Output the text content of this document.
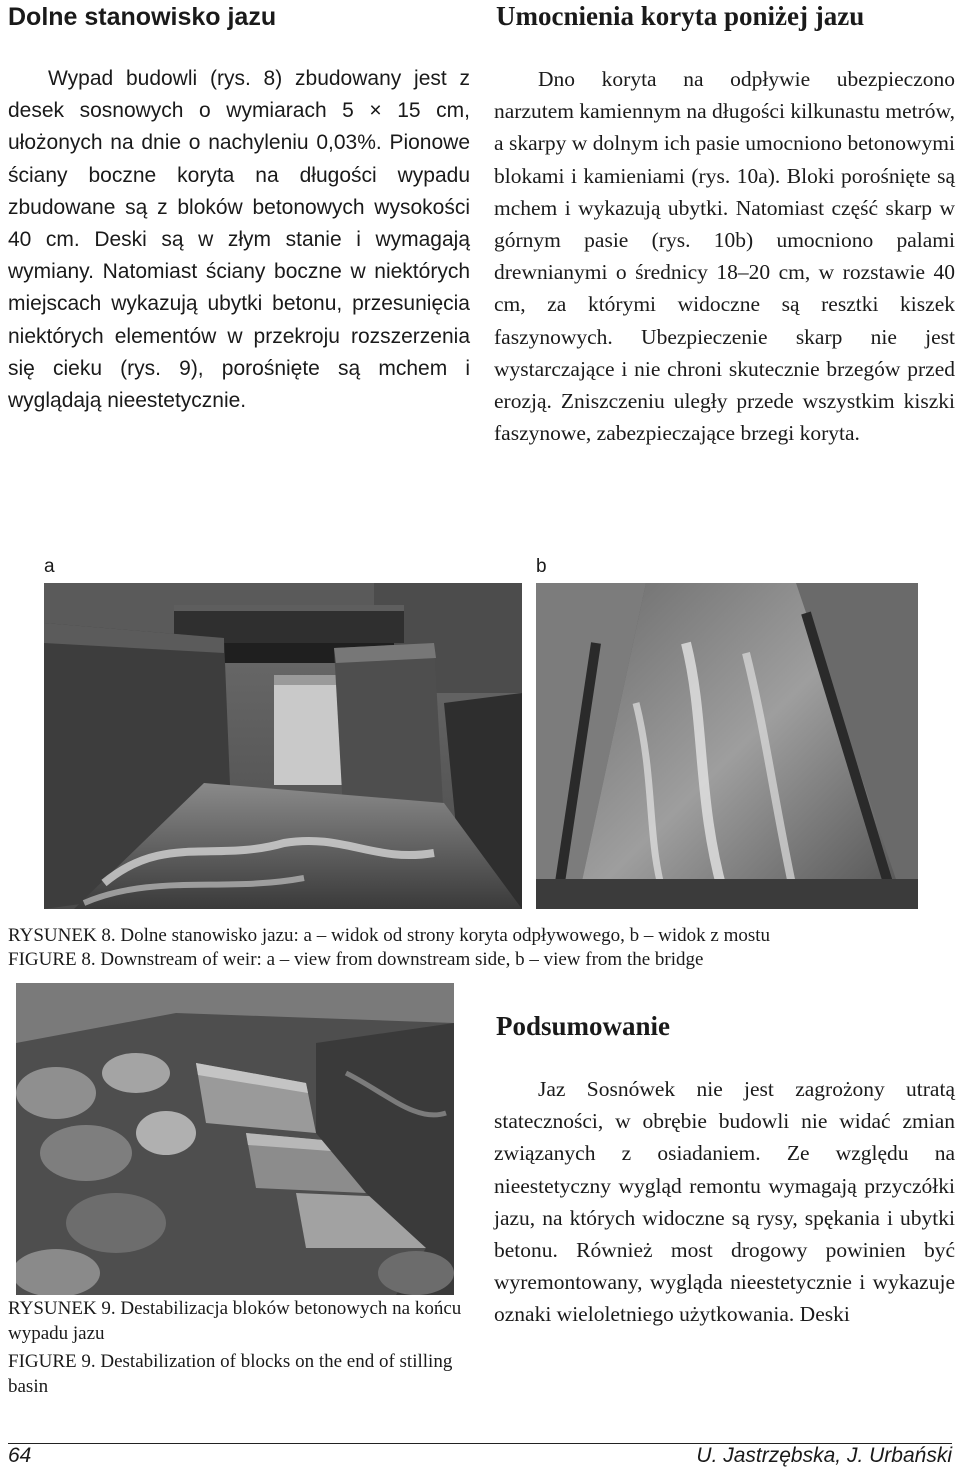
Dolne stanowisko jazu

Wypad budowli (rys. 8) zbudowany jest z desek sosnowych o wymiarach 5 × 15 cm, ułożonych na dnie o nachyleniu 0,03%. Pionowe ściany boczne koryta na długości wypadu zbudowane są z bloków betonowych wysokości 40 cm. Deski są w złym stanie i wymagają wymiany. Natomiast ściany boczne w niektórych miejscach wykazują ubytki betonu, przesunięcia niektórych elementów w przekroju rozszerzenia się cieku (rys. 9), porośnięte są mchem i wyglądają nieestetycznie.

Umocnienia koryta poniżej jazu

Dno koryta na odpływie ubezpieczono narzutem kamiennym na długości kilkunastu metrów, a skarpy w dolnym ich pasie umocniono betonowymi blokami i kamieniami (rys. 10a). Bloki porośnięte są mchem i wykazują ubytki. Natomiast część skarp w górnym pasie (rys. 10b) umocniono palami drewnianymi o średnicy 18–20 cm, w rozstawie 40 cm, za którymi widoczne są resztki kiszek faszynowych. Ubezpieczenie skarp nie jest wystarczające i nie chroni skutecznie brzegów przed erozją. Zniszczeniu uległy przede wszystkim kiszki faszynowe, zabezpieczające brzegi koryta.

a	b
RYSUNEK 8. Dolne stanowisko jazu: a – widok od strony koryta odpływowego, b – widok z mostu
FIGURE 8. Downstream of weir: a – view from downstream side, b – view from the bridge
RYSUNEK 9. Destabilizacja bloków betonowych na końcu wypadu jazu
FIGURE 9. Destabilization of blocks on the end of stilling basin
Podsumowanie

Jaz Sosnówek nie jest zagrożony utratą stateczności, w obrębie budowli nie widać zmian związanych z osiadaniem. Ze względu na nieestetyczny wygląd remontu wymagają przyczółki jazu, na których widoczne są rysy, spękania i ubytki betonu. Również most drogowy powinien być wyremontowany, wygląda nieestetycznie i wykazuje oznaki wieloletniego użytkowania. Deski

64	U. Jastrzębska, J. Urbański
